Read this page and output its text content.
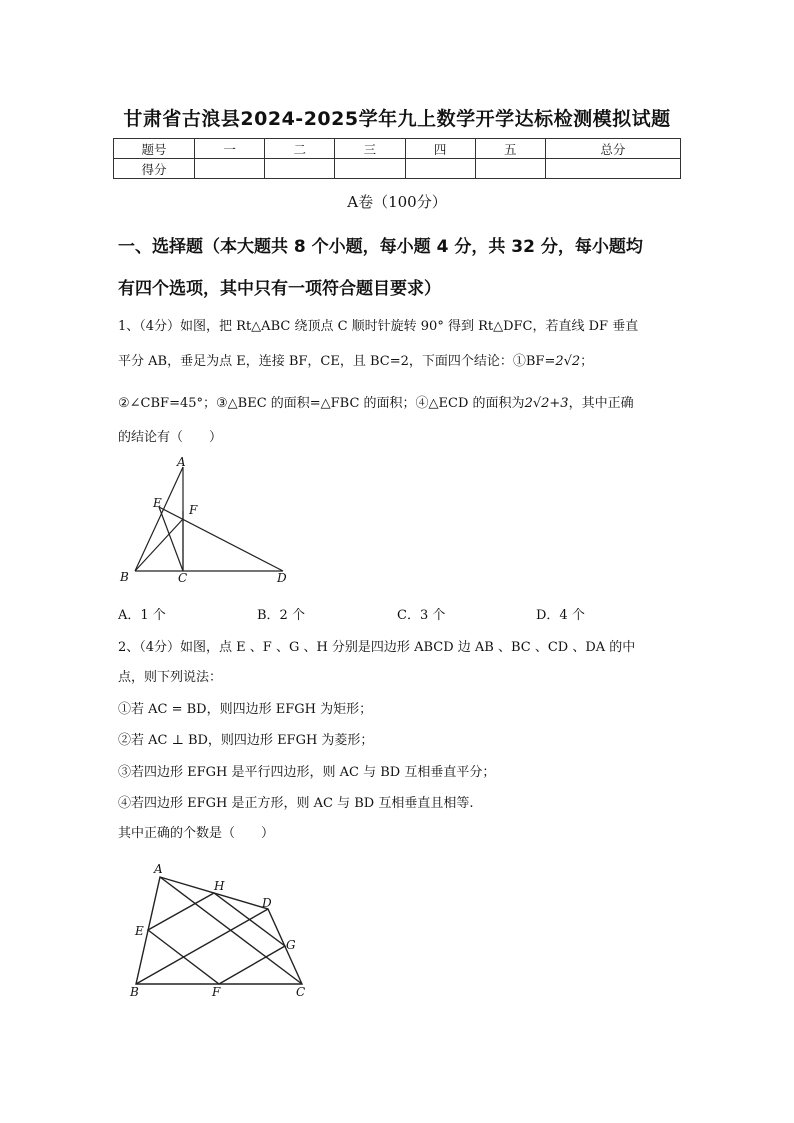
甘肃省古浪县2024-2025学年九上数学开学达标检测模拟试题
题号	一	二	三	四	五	总分
得分						
A卷（100分）
一、选择题（本大题共 8 个小题，每小题 4 分，共 32 分，每小题均
有四个选项，其中只有一项符合题目要求）
1、（4分）如图，把 Rt△ABC 绕顶点 C 顺时针旋转 90° 得到 Rt△DFC，若直线 DF 垂直
平分 AB，垂足为点 E，连接 BF，CE，且 BC=2，下面四个结论：①BF=2√2；
②∠CBF=45°；③△BEC 的面积=△FBC 的面积；④△ECD 的面积为2√2+3，其中正确
的结论有（　　）
A
B	C	D
E F
A．1 个	B．2 个	C．3 个	D．4 个
2、（4分）如图，点 E 、F 、G 、H 分别是四边形 ABCD 边 AB 、BC 、CD 、DA 的中
点，则下列说法：
①若 AC = BD，则四边形 EFGH 为矩形；
②若 AC ⊥ BD，则四边形 EFGH 为菱形；
③若四边形 EFGH 是平行四边形，则 AC 与 BD 互相垂直平分；
④若四边形 EFGH 是正方形，则 AC 与 BD 互相垂直且相等.
其中正确的个数是（　　）
A
B	C
D
E
F
G
H
